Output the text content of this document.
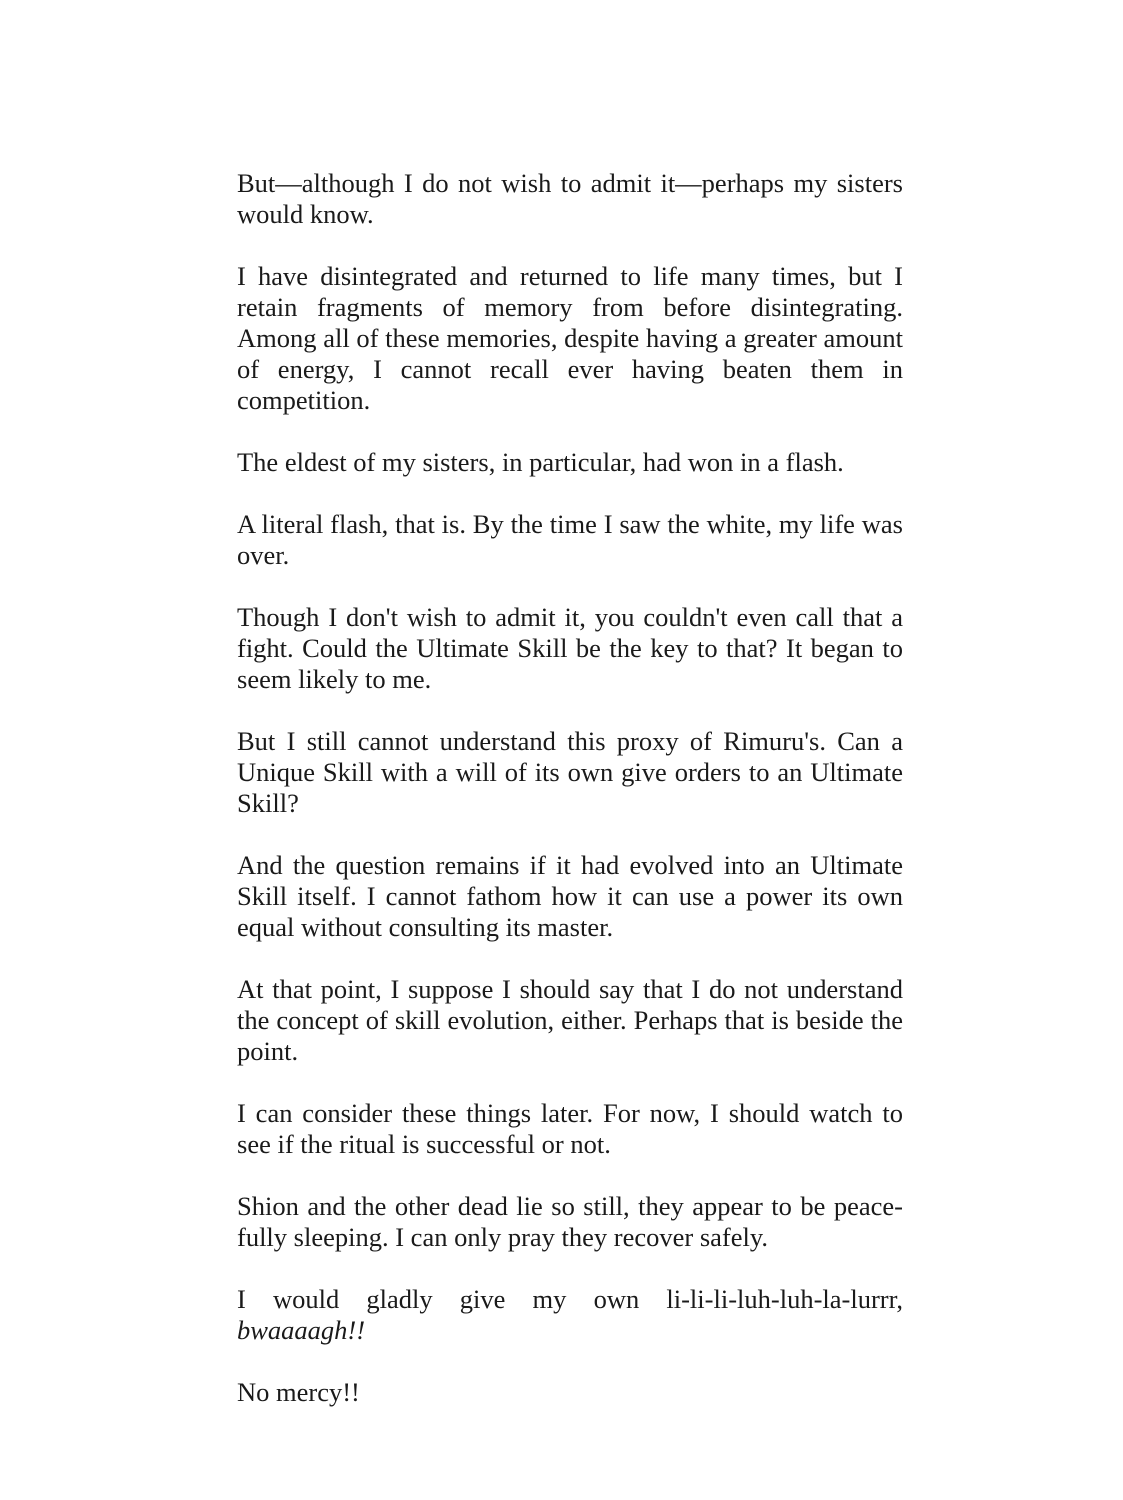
But—although I do not wish to admit it—perhaps my sisters would know.

I have disintegrated and returned to life many times, but I retain fragments of memory from before disintegrating. Among all of these memories, despite having a greater amount of energy, I cannot recall ever having beaten them in competition.

The eldest of my sisters, in particular, had won in a flash.

A literal flash, that is. By the time I saw the white, my life was over.

Though I don't wish to admit it, you couldn't even call that a fight. Could the Ultimate Skill be the key to that? It began to seem likely to me.

But I still cannot understand this proxy of Rimuru's. Can a Unique Skill with a will of its own give orders to an Ultimate Skill?

And the question remains if it had evolved into an Ultimate Skill itself. I cannot fathom how it can use a power its own equal without consulting its master.

At that point, I suppose I should say that I do not understand the concept of skill evolution, either. Perhaps that is beside the point.

I can consider these things later. For now, I should watch to see if the ritual is successful or not.

Shion and the other dead lie so still, they appear to be peace-fully sleeping. I can only pray they recover safely.

I would gladly give my own li-li-li-luh-luh-la-lurrr,
bwaaaagh!!

No mercy!!
